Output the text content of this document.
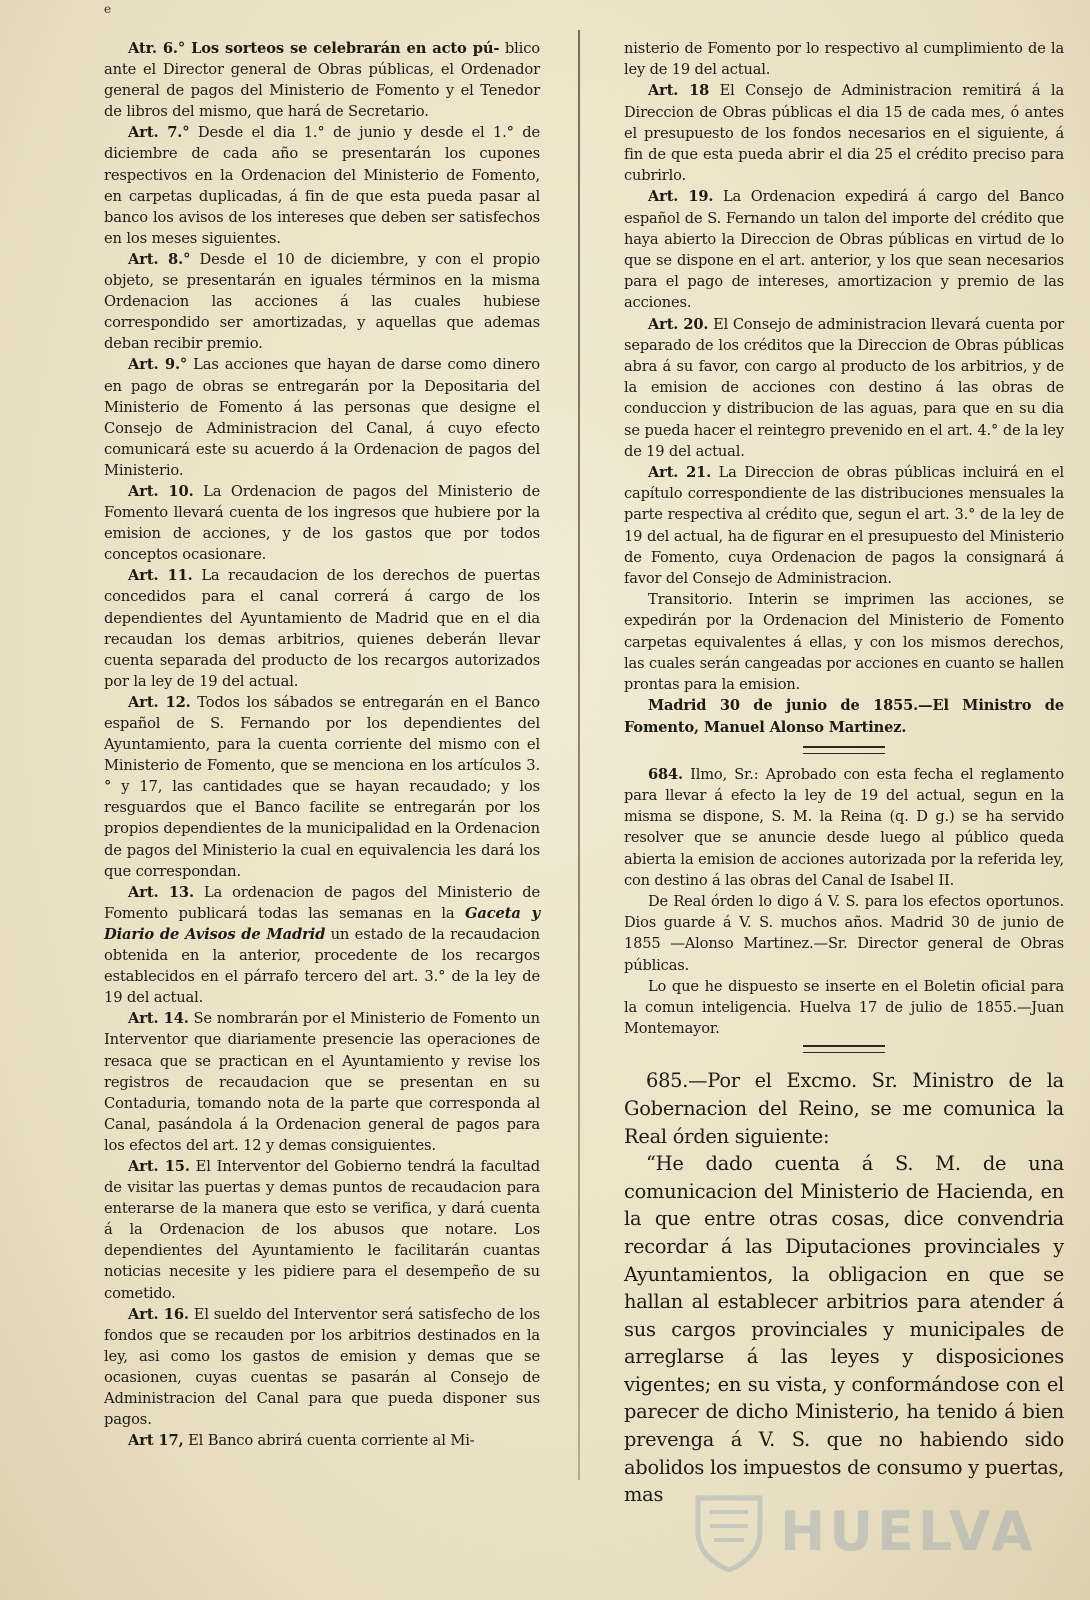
e

Atr. 6.° Los sorteos se celebrarán en acto pú- blico ante el Director general de Obras públicas, el Ordenador general de pagos del Ministerio de Fomento y el Tenedor de libros del mismo, que hará de Secretario.

Art. 7.° Desde el dia 1.° de junio y desde el 1.° de diciembre de cada año se presentarán los cupones respectivos en la Ordenacion del Ministerio de Fomento, en carpetas duplicadas, á fin de que esta pueda pasar al banco los avisos de los intereses que deben ser satisfechos en los meses siguientes.

Art. 8.° Desde el 10 de diciembre, y con el propio objeto, se presentarán en iguales términos en la misma Ordenacion las acciones á las cuales hubiese correspondido ser amortizadas, y aquellas que ademas deban recibir premio.

Art. 9.° Las acciones que hayan de darse como dinero en pago de obras se entregarán por la Depositaria del Ministerio de Fomento á las personas que designe el Consejo de Administracion del Canal, á cuyo efecto comunicará este su acuerdo á la Ordenacion de pagos del Ministerio.

Art. 10. La Ordenacion de pagos del Ministerio de Fomento llevará cuenta de los ingresos que hubiere por la emision de acciones, y de los gastos que por todos conceptos ocasionare.

Art. 11. La recaudacion de los derechos de puertas concedidos para el canal correrá á cargo de los dependientes del Ayuntamiento de Madrid que en el dia recaudan los demas arbitrios, quienes deberán llevar cuenta separada del producto de los recargos autorizados por la ley de 19 del actual.

Art. 12. Todos los sábados se entregarán en el Banco español de S. Fernando por los dependientes del Ayuntamiento, para la cuenta corriente del mismo con el Ministerio de Fomento, que se menciona en los artículos 3.° y 17, las cantidades que se hayan recaudado; y los resguardos que el Banco facilite se entregarán por los propios dependientes de la municipalidad en la Ordenacion de pagos del Ministerio la cual en equivalencia les dará los que correspondan.

Art. 13. La ordenacion de pagos del Ministerio de Fomento publicará todas las semanas en la Gaceta y Diario de Avisos de Madrid un estado de la recaudacion obtenida en la anterior, procedente de los recargos establecidos en el párrafo tercero del art. 3.° de la ley de 19 del actual.

Art. 14. Se nombrarán por el Ministerio de Fomento un Interventor que diariamente presencie las operaciones de resaca que se practican en el Ayuntamiento y revise los registros de recaudacion que se presentan en su Contaduria, tomando nota de la parte que corresponda al Canal, pasándola á la Ordenacion general de pagos para los efectos del art. 12 y demas consiguientes.

Art. 15. El Interventor del Gobierno tendrá la facultad de visitar las puertas y demas puntos de recaudacion para enterarse de la manera que esto se verifica, y dará cuenta á la Ordenacion de los abusos que notare. Los dependientes del Ayuntamiento le facilitarán cuantas noticias necesite y les pidiere para el desempeño de su cometido.

Art. 16. El sueldo del Interventor será satisfecho de los fondos que se recauden por los arbitrios destinados en la ley, asi como los gastos de emision y demas que se ocasionen, cuyas cuentas se pasarán al Consejo de Administracion del Canal para que pueda disponer sus pagos.

Art 17, El Banco abrirá cuenta corriente al Mi-

nisterio de Fomento por lo respectivo al cumplimiento de la ley de 19 del actual.

Art. 18 El Consejo de Administracion remitirá á la Direccion de Obras públicas el dia 15 de cada mes, ó antes el presupuesto de los fondos necesarios en el siguiente, á fin de que esta pueda abrir el dia 25 el crédito preciso para cubrirlo.

Art. 19. La Ordenacion expedirá á cargo del Banco español de S. Fernando un talon del importe del crédito que haya abierto la Direccion de Obras públicas en virtud de lo que se dispone en el art. anterior, y los que sean necesarios para el pago de intereses, amortizacion y premio de las acciones.

Art. 20. El Consejo de administracion llevará cuenta por separado de los créditos que la Direccion de Obras públicas abra á su favor, con cargo al producto de los arbitrios, y de la emision de acciones con destino á las obras de conduccion y distribucion de las aguas, para que en su dia se pueda hacer el reintegro prevenido en el art. 4.° de la ley de 19 del actual.

Art. 21. La Direccion de obras públicas incluirá en el capítulo correspondiente de las distribuciones mensuales la parte respectiva al crédito que, segun el art. 3.° de la ley de 19 del actual, ha de figurar en el presupuesto del Ministerio de Fomento, cuya Ordenacion de pagos la consignará á favor del Consejo de Administracion.

Transitorio. Interin se imprimen las acciones, se expedirán por la Ordenacion del Ministerio de Fomento carpetas equivalentes á ellas, y con los mismos derechos, las cuales serán cangeadas por acciones en cuanto se hallen prontas para la emision.

Madrid 30 de junio de 1855.—El Ministro de Fomento, Manuel Alonso Martinez.

684. Ilmo, Sr.: Aprobado con esta fecha el reglamento para llevar á efecto la ley de 19 del actual, segun en la misma se dispone, S. M. la Reina (q. D g.) se ha servido resolver que se anuncie desde luego al público queda abierta la emision de acciones autorizada por la referida ley, con destino á las obras del Canal de Isabel II.

De Real órden lo digo á V. S. para los efectos oportunos. Dios guarde á V. S. muchos años. Madrid 30 de junio de 1855 —Alonso Martinez.—Sr. Director general de Obras públicas.

Lo que he dispuesto se inserte en el Boletin oficial para la comun inteligencia. Huelva 17 de julio de 1855.—Juan Montemayor.

685.—Por el Excmo. Sr. Ministro de la Gobernacion del Reino, se me comunica la Real órden siguiente:

“He dado cuenta á S. M. de una comunicacion del Ministerio de Hacienda, en la que entre otras cosas, dice convendria recordar á las Diputaciones provinciales y Ayuntamientos, la obligacion en que se hallan al establecer arbitrios para atender á sus cargos provinciales y municipales de arreglarse á las leyes y disposiciones vigentes; en su vista, y conformándose con el parecer de dicho Ministerio, ha tenido á bien prevenga á V. S. que no habiendo sido abolidos los impuestos de consumo y puertas, mas

HUELVA
